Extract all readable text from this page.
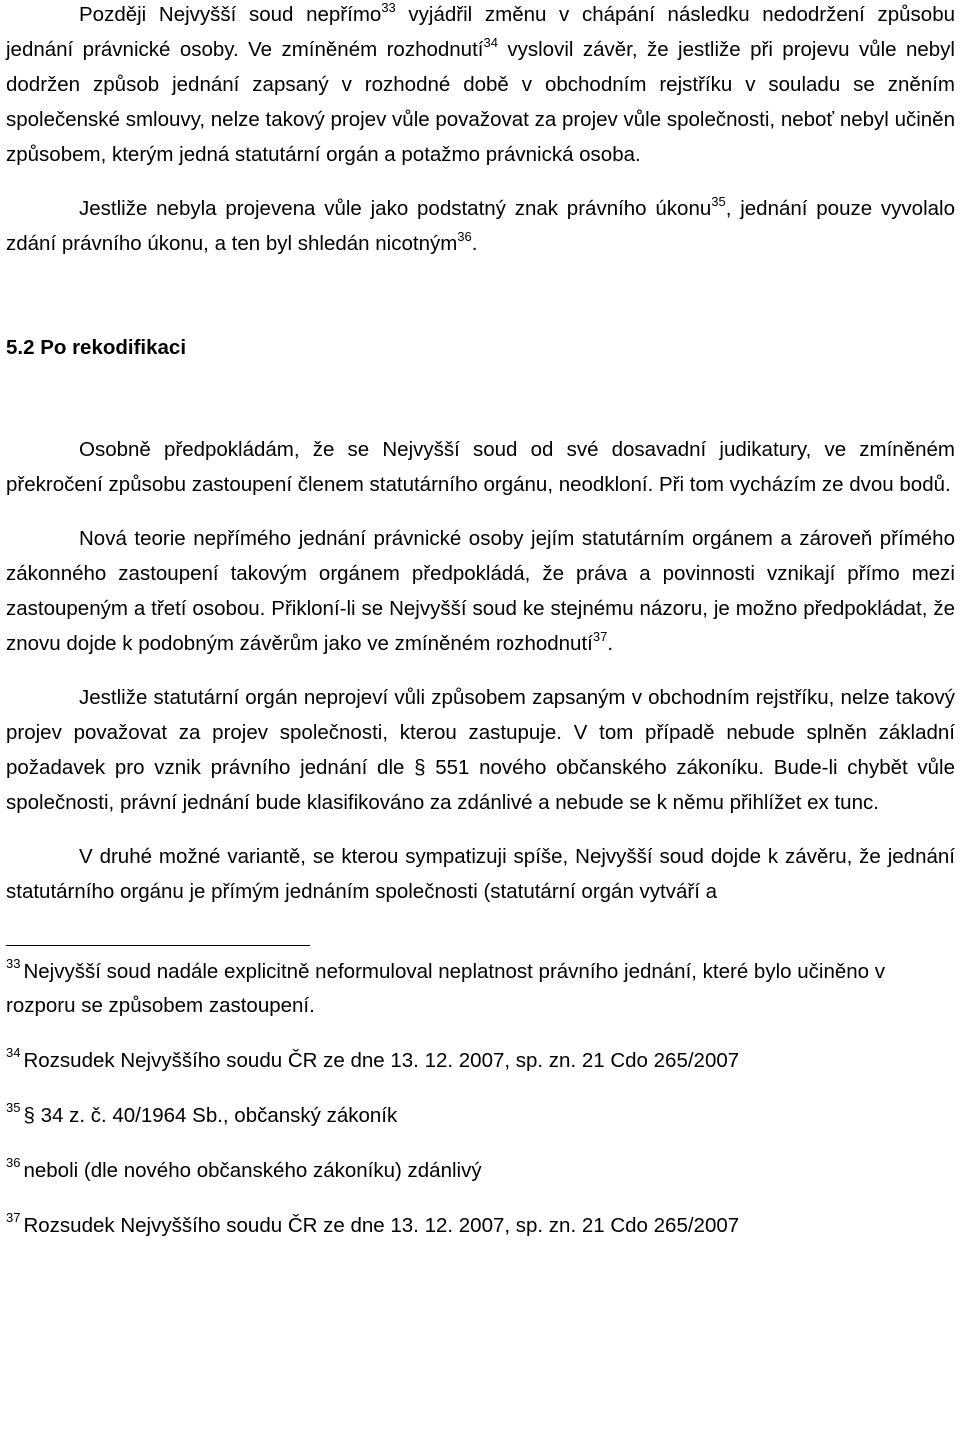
Později Nejvyšší soud nepřímo$^{33}$ vyjádřil změnu v chápání následku nedodržení způsobu jednání právnické osoby. Ve zmíněném rozhodnutí$^{34}$ vyslovil závěr, že jestliže při projevu vůle nebyl dodržen způsob jednání zapsaný v rozhodné době v obchodním rejstříku v souladu se zněním společenské smlouvy, nelze takový projev vůle považovat za projev vůle společnosti, neboť nebyl učiněn způsobem, kterým jedná statutární orgán a potažmo právnická osoba.

Jestliže nebyla projevena vůle jako podstatný znak právního úkonu$^{35}$, jednání pouze vyvolalo zdání právního úkonu, a ten byl shledán nicotným$^{36}$.

5.2 Po rekodifikaci

Osobně předpokládám, že se Nejvyšší soud od své dosavadní judikatury, ve zmíněném překročení způsobu zastoupení členem statutárního orgánu, neodkloní. Při tom vycházím ze dvou bodů.

Nová teorie nepřímého jednání právnické osoby jejím statutárním orgánem a zároveň přímého zákonného zastoupení takovým orgánem předpokládá, že práva a povinnosti vznikají přímo mezi zastoupeným a třetí osobou. Přikloní-li se Nejvyšší soud ke stejnému názoru, je možno předpokládat, že znovu dojde k podobným závěrům jako ve zmíněném rozhodnutí$^{37}$.

Jestliže statutární orgán neprojeví vůli způsobem zapsaným v obchodním rejstříku, nelze takový projev považovat za projev společnosti, kterou zastupuje. V tom případě nebude splněn základní požadavek pro vznik právního jednání dle § 551 nového občanského zákoníku. Bude-li chybět vůle společnosti, právní jednání bude klasifikováno za zdánlivé a nebude se k němu přihlížet ex tunc.

V druhé možné variantě, se kterou sympatizuji spíše, Nejvyšší soud dojde k závěru, že jednání statutárního orgánu je přímým jednáním společnosti (statutární orgán vytváří a

$^{33}$ Nejvyšší soud nadále explicitně neformuloval neplatnost právního jednání, které bylo učiněno v rozporu se způsobem zastoupení.

$^{34}$ Rozsudek Nejvyššího soudu ČR ze dne 13. 12. 2007, sp. zn. 21 Cdo 265/2007

$^{35}$ § 34 z. č. 40/1964 Sb., občanský zákoník

$^{36}$ neboli (dle nového občanského zákoníku) zdánlivý

$^{37}$ Rozsudek Nejvyššího soudu ČR ze dne 13. 12. 2007, sp. zn. 21 Cdo 265/2007
